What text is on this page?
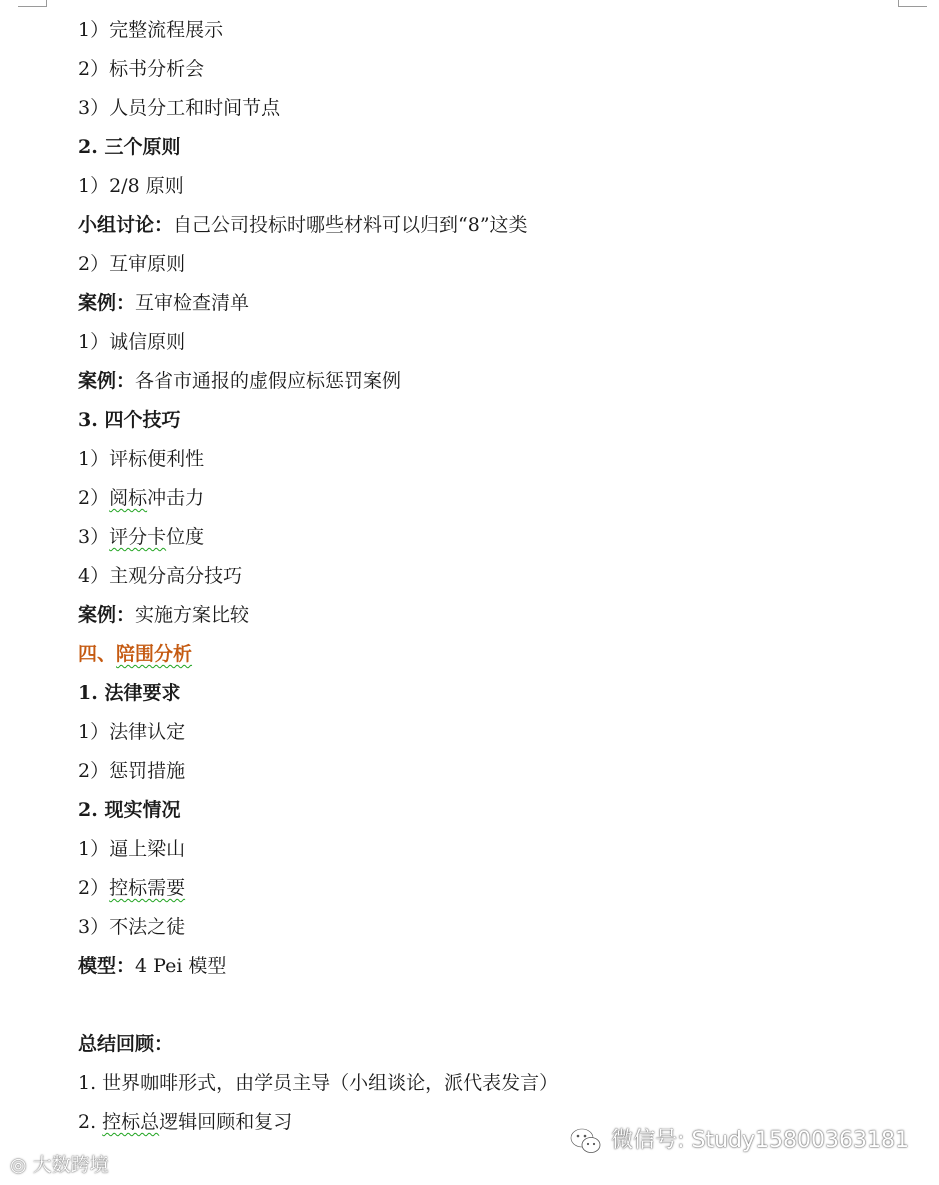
1）完整流程展示
2）标书分析会
3）人员分工和时间节点
2. 三个原则
1）2/8 原则
小组讨论：自己公司投标时哪些材料可以归到“8”这类
2）互审原则
案例：互审检查清单
1）诚信原则
案例：各省市通报的虚假应标惩罚案例
3. 四个技巧
1）评标便利性
2）阅标冲击力
3）评分卡位度
4）主观分高分技巧
案例：实施方案比较
四、陪围分析
1. 法律要求
1）法律认定
2）惩罚措施
2. 现实情况
1）逼上梁山
2）控标需要
3）不法之徒
模型：4 Pei 模型
总结回顾：
1. 世界咖啡形式，由学员主导（小组谈论，派代表发言）
2. 控标总逻辑回顾和复习
微信号: Study15800363181
◎ 大数跨境
